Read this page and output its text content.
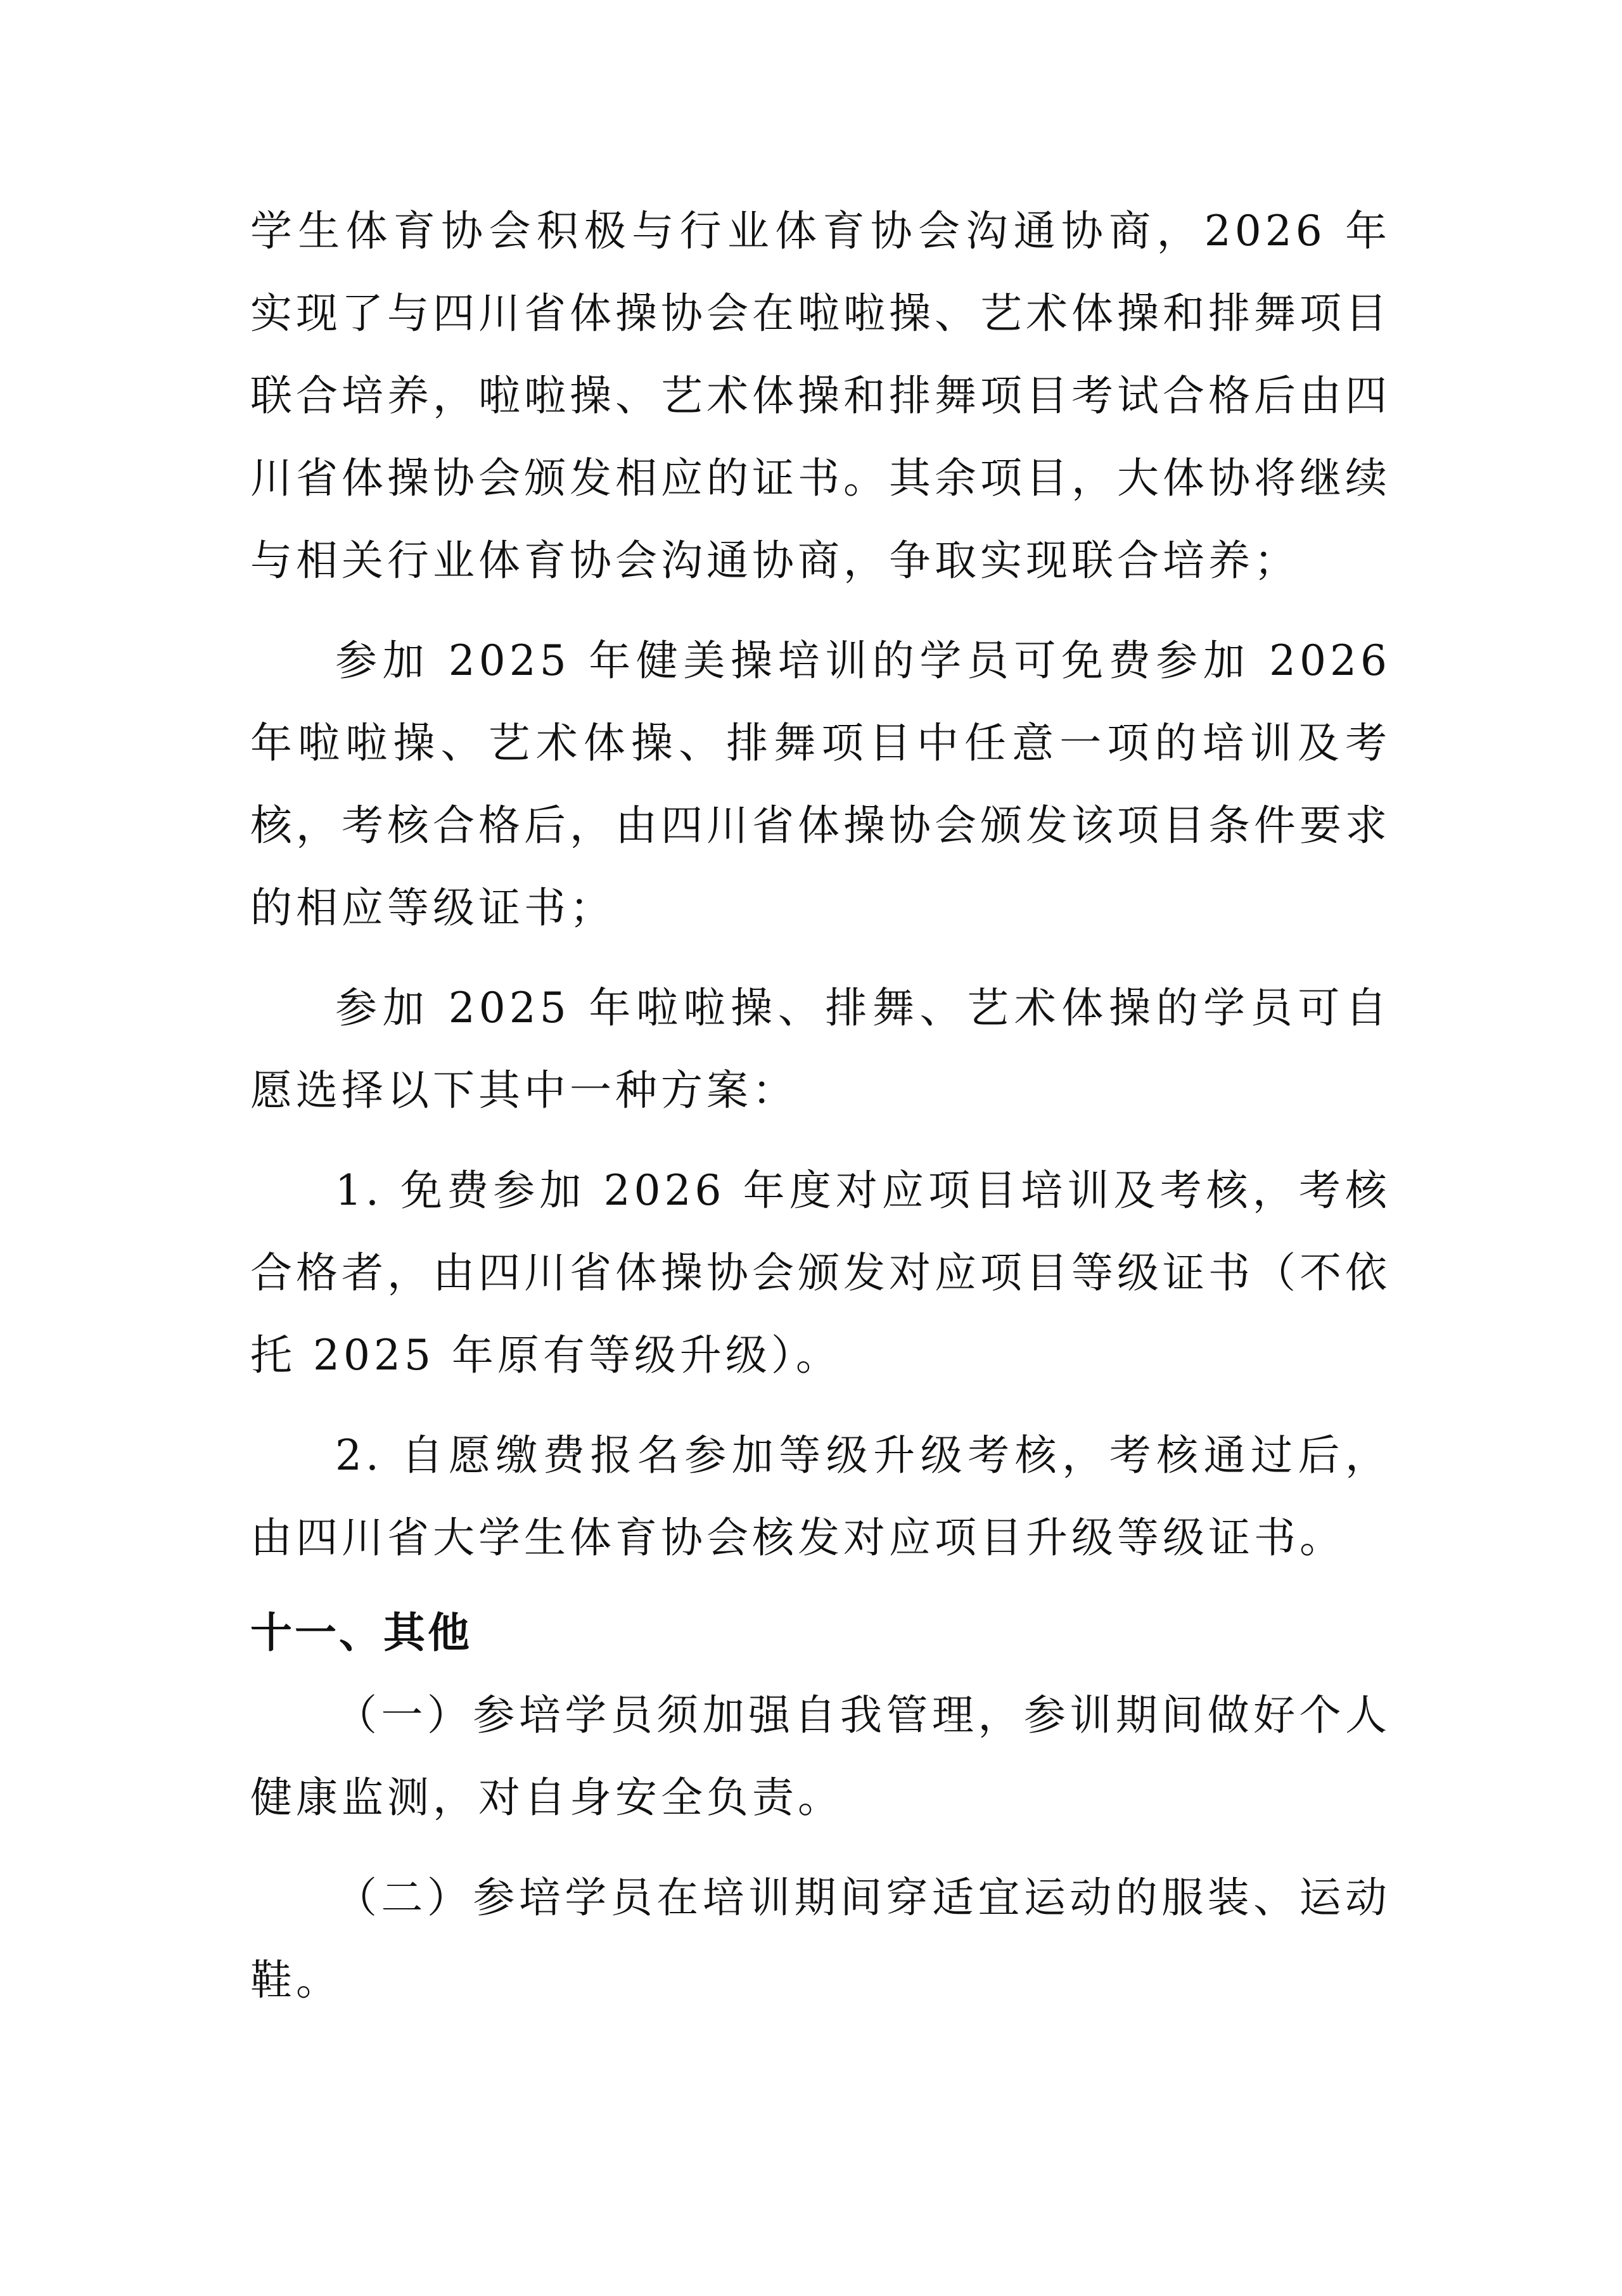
学生体育协会积极与行业体育协会沟通协商，2026 年实现了与四川省体操协会在啦啦操、艺术体操和排舞项目联合培养，啦啦操、艺术体操和排舞项目考试合格后由四川省体操协会颁发相应的证书。其余项目，大体协将继续与相关行业体育协会沟通协商，争取实现联合培养；

参加 2025 年健美操培训的学员可免费参加 2026 年啦啦操、艺术体操、排舞项目中任意一项的培训及考核，考核合格后，由四川省体操协会颁发该项目条件要求的相应等级证书；

参加 2025 年啦啦操、排舞、艺术体操的学员可自愿选择以下其中一种方案：

1. 免费参加 2026 年度对应项目培训及考核，考核合格者，由四川省体操协会颁发对应项目等级证书（不依托 2025 年原有等级升级）。

2. 自愿缴费报名参加等级升级考核，考核通过后，由四川省大学生体育协会核发对应项目升级等级证书。

十一、其他

（一）参培学员须加强自我管理，参训期间做好个人健康监测，对自身安全负责。

（二）参培学员在培训期间穿适宜运动的服装、运动鞋。
